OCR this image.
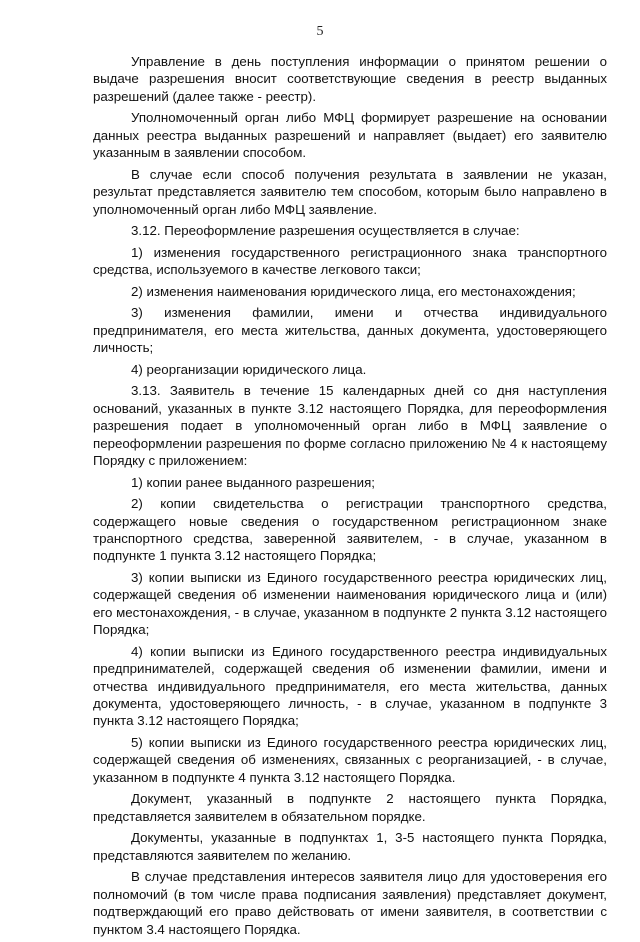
5

Управление в день поступления информации о принятом решении о выдаче разрешения вносит соответствующие сведения в реестр выданных разрешений (далее также - реестр).

Уполномоченный орган либо МФЦ формирует разрешение на основании данных реестра выданных разрешений и направляет (выдает) его заявителю указанным в заявлении способом.

В случае если способ получения результата в заявлении не указан, результат представляется заявителю тем способом, которым было направлено в уполномоченный орган либо МФЦ заявление.

3.12. Переоформление разрешения осуществляется в случае:

1) изменения государственного регистрационного знака транспортного средства, используемого в качестве легкового такси;

2) изменения наименования юридического лица, его местонахождения;

3) изменения фамилии, имени и отчества индивидуального предпринимателя, его места жительства, данных документа, удостоверяющего личность;

4) реорганизации юридического лица.

3.13. Заявитель в течение 15 календарных дней со дня наступления оснований, указанных в пункте 3.12 настоящего Порядка, для переоформления разрешения подает в уполномоченный орган либо в МФЦ заявление о переоформлении разрешения по форме согласно приложению № 4 к настоящему Порядку с приложением:

1) копии ранее выданного разрешения;

2) копии свидетельства о регистрации транспортного средства, содержащего новые сведения о государственном регистрационном знаке транспортного средства, заверенной заявителем, - в случае, указанном в подпункте 1 пункта 3.12 настоящего Порядка;

3) копии выписки из Единого государственного реестра юридических лиц, содержащей сведения об изменении наименования юридического лица и (или) его местонахождения, - в случае, указанном в подпункте 2 пункта 3.12 настоящего Порядка;

4) копии выписки из Единого государственного реестра индивидуальных предпринимателей, содержащей сведения об изменении фамилии, имени и отчества индивидуального предпринимателя, его места жительства, данных документа, удостоверяющего личность, - в случае, указанном в подпункте 3 пункта 3.12 настоящего Порядка;

5) копии выписки из Единого государственного реестра юридических лиц, содержащей сведения об изменениях, связанных с реорганизацией, - в случае, указанном в подпункте 4 пункта 3.12 настоящего Порядка.

Документ, указанный в подпункте 2 настоящего пункта Порядка, представляется заявителем в обязательном порядке.

Документы, указанные в подпунктах 1, 3-5 настоящего пункта Порядка, представляются заявителем по желанию.

В случае представления интересов заявителя лицо для удостоверения его полномочий (в том числе права подписания заявления) представляет документ, подтверждающий его право действовать от имени заявителя, в соответствии с пунктом 3.4 настоящего Порядка.
